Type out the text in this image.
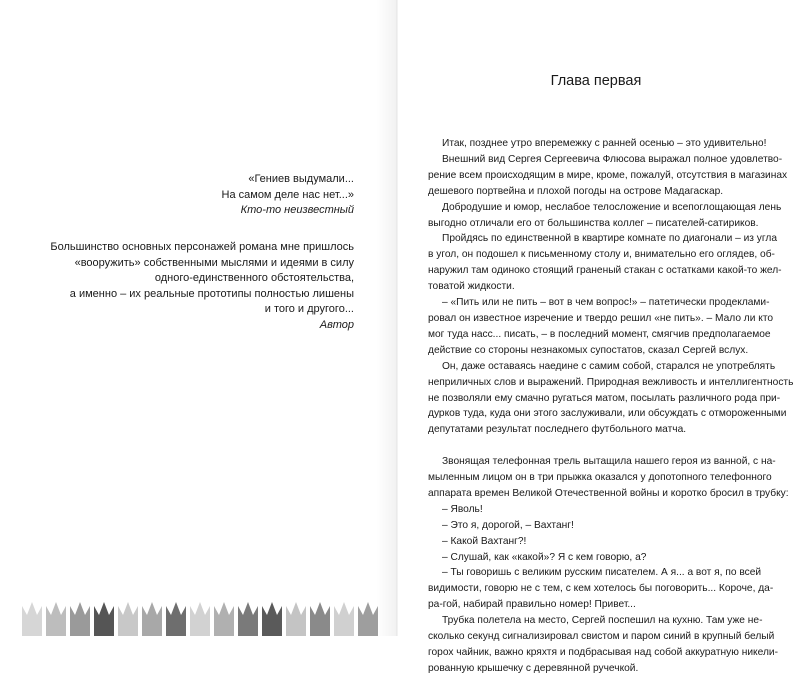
«Гениев выдумали...
На самом деле нас нет...»
Кто-то неизвестный
Большинство основных персонажей романа мне пришлось
«вооружить» собственными мыслями и идеями в силу
одного-единственного обстоятельства,
а именно – их реальные прототипы полностью лишены
и того и другого...
Автор
Глава первая
Итак, позднее утро вперемежку с ранней осенью – это удивительно!
Внешний вид Сергея Сергеевича Флюсова выражал полное удовлетво-
рение всем происходящим в мире, кроме, пожалуй, отсутствия в магазинах
дешевого портвейна и плохой погоды на острове Мадагаскар.
Добродушие и юмор, неслабое телосложение и всепоглощающая лень
выгодно отличали его от большинства коллег – писателей-сатириков.
Пройдясь по единственной в квартире комнате по диагонали – из угла
в угол, он подошел к письменному столу и, внимательно его оглядев, об-
наружил там одиноко стоящий граненый стакан с остатками какой-то жел-
товатой жидкости.
– «Пить или не пить – вот в чем вопрос!» – патетически продеклами-
ровал он известное изречение и твердо решил «не пить». – Мало ли кто
мог туда насс... писать, – в последний момент, смягчив предполагаемое
действие со стороны незнакомых супостатов, сказал Сергей вслух.
Он, даже оставаясь наедине с самим собой, старался не употреблять
неприличных слов и выражений. Природная вежливость и интеллигентность
не позволяли ему смачно ругаться матом, посылать различного рода при-
дурков туда, куда они этого заслуживали, или обсуждать с отмороженными
депутатами результат последнего футбольного матча.
Звонящая телефонная трель вытащила нашего героя из ванной, с на-
мыленным лицом он в три прыжка оказался у допотопного телефонного
аппарата времен Великой Отечественной войны и коротко бросил в трубку:
– Яволь!
– Это я, дорогой, – Вахтанг!
– Какой Вахтанг?!
– Слушай, как «какой»? Я с кем говорю, а?
– Ты говоришь с великим русским писателем. А я... а вот я, по всей
видимости, говорю не с тем, с кем хотелось бы поговорить... Короче, да-
ра-гой, набирай правильно номер! Привет...
Трубка полетела на место, Сергей поспешил на кухню. Там уже не-
сколько секунд сигнализировал свистом и паром синий в крупный белый
горох чайник, важно кряхтя и подбрасывая над собой аккуратную никели-
рованную крышечку с деревянной ручечкой.
